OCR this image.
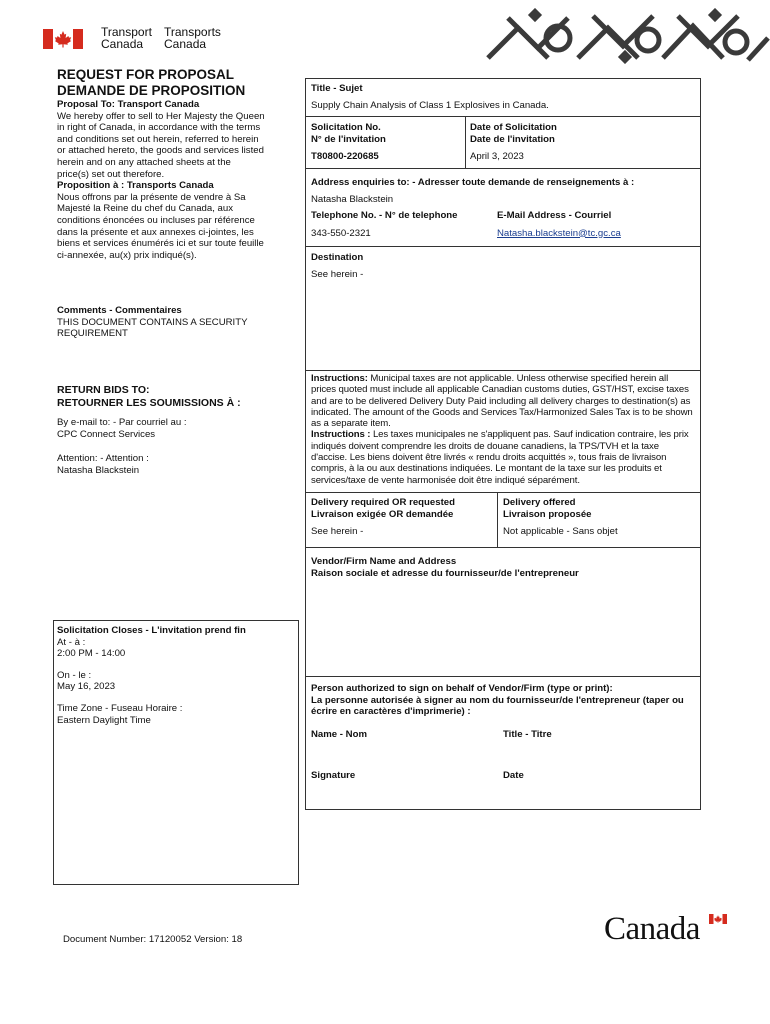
Transport
Canada
Transports
Canada
REQUEST FOR PROPOSAL
DEMANDE DE PROPOSITION
Proposal To: Transport Canada
We hereby offer to sell to Her Majesty the Queen
in right of Canada, in accordance with the terms
and conditions set out herein, referred to herein
or attached hereto, the goods and services listed
herein and on any attached sheets at the
price(s) set out therefore.
Proposition à : Transports Canada
Nous offrons par la présente de vendre à Sa
Majesté la Reine du chef du Canada, aux
conditions énoncées ou incluses par référence
dans la présente et aux annexes ci-jointes, les
biens et services énumérés ici et sur toute feuille
ci-annexée, au(x) prix indiqué(s).
Comments - Commentaires
THIS DOCUMENT CONTAINS A SECURITY
REQUIREMENT
RETURN BIDS TO:
RETOURNER LES SOUMISSIONS À :
By e-mail to: - Par courriel au :
CPC Connect Services
Attention: - Attention :
Natasha Blackstein
Solicitation Closes - L'invitation prend fin
At - à :
2:00 PM - 14:00
On - le :
May 16, 2023
Time Zone - Fuseau Horaire :
Eastern Daylight Time
Title - Sujet
Supply Chain Analysis of Class 1 Explosives in Canada.
Solicitation No.
N° de l'invitation
T80800-220685
Date of Solicitation
Date de l'invitation
April 3, 2023
Address enquiries to: - Adresser toute demande de renseignements à :
Natasha Blackstein
Telephone No. - N° de telephone
343-550-2321
E-Mail Address - Courriel
Natasha.blackstein@tc.gc.ca
Destination
See herein -
Instructions: Municipal taxes are not applicable. Unless otherwise specified herein all prices quoted must include all applicable Canadian customs duties, GST/HST, excise taxes and are to be delivered Delivery Duty Paid including all delivery charges to destination(s) as indicated. The amount of the Goods and Services Tax/Harmonized Sales Tax is to be shown as a separate item.
Instructions : Les taxes municipales ne s'appliquent pas. Sauf indication contraire, les prix indiqués doivent comprendre les droits de douane canadiens, la TPS/TVH et la taxe d'accise. Les biens doivent être livrés « rendu droits acquittés », tous frais de livraison compris, à la ou aux destinations indiquées. Le montant de la taxe sur les produits et services/taxe de vente harmonisée doit être indiqué séparément.
Delivery required OR requested
Livraison exigée OR demandée
See herein -
Delivery offered
Livraison proposée
Not applicable - Sans objet
Vendor/Firm Name and Address
Raison sociale et adresse du fournisseur/de l'entrepreneur
Person authorized to sign on behalf of Vendor/Firm (type or print):
La personne autorisée à signer au nom du fournisseur/de l'entrepreneur (taper ou écrire en caractères d'imprimerie) :
Name - Nom	Title - Titre
Signature	Date
Document Number: 17120052 Version: 18	Canada
